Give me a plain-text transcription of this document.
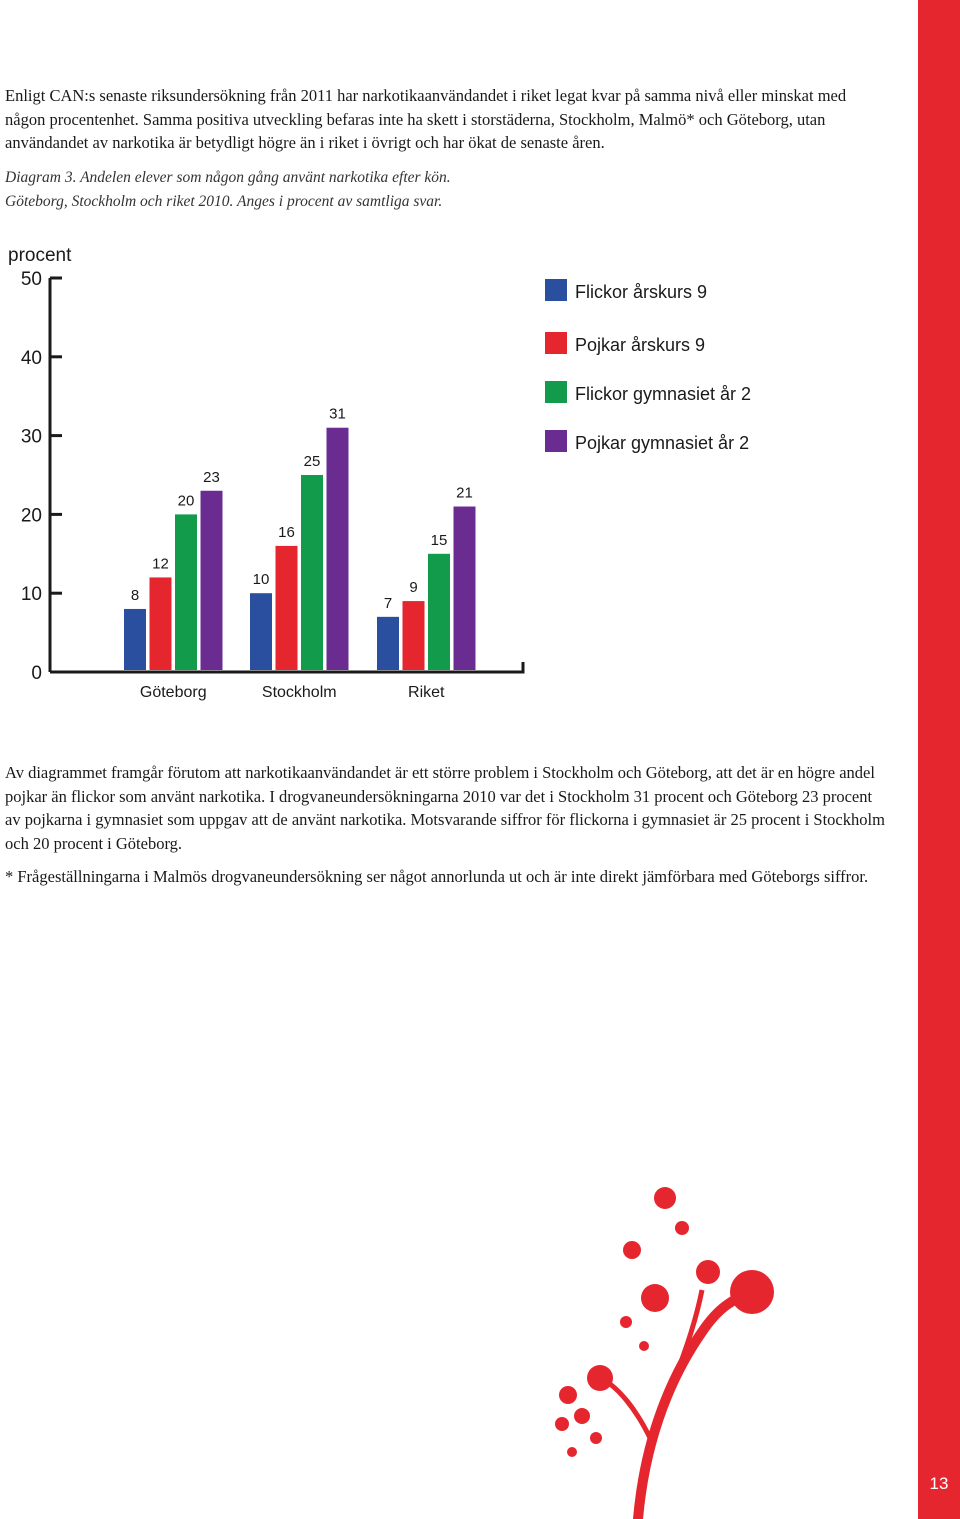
13

Enligt CAN:s senaste riksundersökning från 2011 har narkotikaanvändandet i riket legat kvar på samma nivå eller minskat med någon procentenhet. Samma positiva utveckling befaras inte ha skett i storstäderna, Stockholm, Malmö* och Göteborg, utan användandet av narkotika är betydligt högre än i riket i övrigt och har ökat de senaste åren.

Diagram 3. Andelen elever som någon gång använt narkotika efter kön.
Göteborg, Stockholm och riket 2010. Anges i procent av samtliga svar.
procent
0
10
20
30
40
50
8
12
20
23
Göteborg
10
16
25
31
Stockholm
7
9
15
21
Riket
Flickor årskurs 9
Pojkar årskurs 9
Flickor gymnasiet år 2
Pojkar gymnasiet år 2

Av diagrammet framgår förutom att narkotikaanvändandet är ett större problem i Stockholm och Göteborg, att det är en högre andel pojkar än flickor som använt narkotika. I drogvaneundersökningarna 2010 var det i Stockholm 31 procent och Göteborg 23 procent av pojkarna i gymnasiet som uppgav att de använt narkotika. Motsvarande siffror för flickorna i gymnasiet är 25 procent i Stockholm och 20 procent i Göteborg.

* Frågeställningarna i Malmös drogvaneundersökning ser något annorlunda ut och är inte direkt jämförbara med Göteborgs siffror.
